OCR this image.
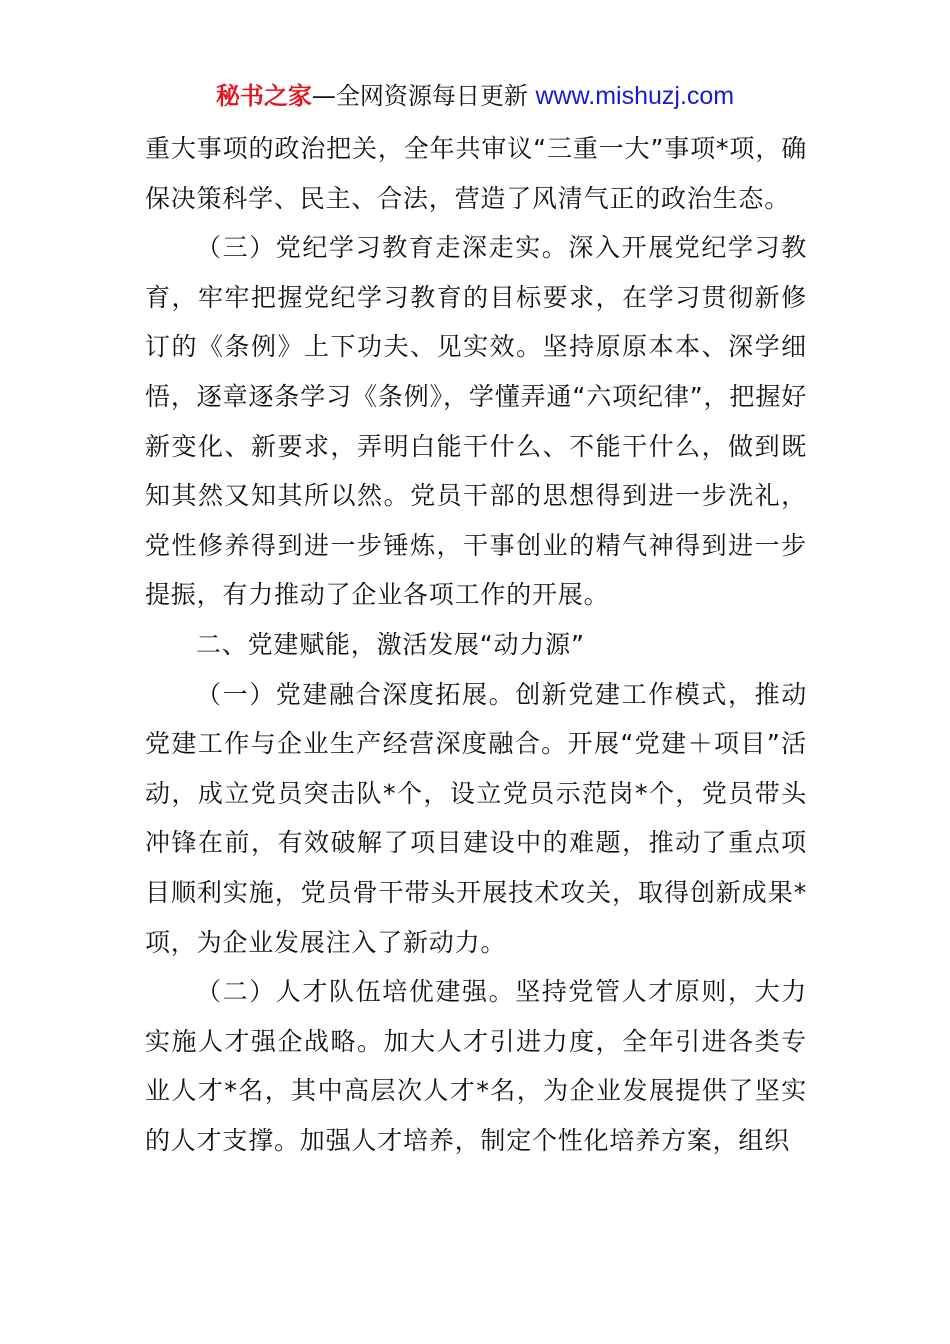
秘书之家—全网资源每日更新 www.mishuzj.com

重大事项的政治把关，全年共审议“三重一大”事项*项，确保决策科学、民主、合法，营造了风清气正的政治生态。

（三）党纪学习教育走深走实。深入开展党纪学习教育，牢牢把握党纪学习教育的目标要求，在学习贯彻新修订的《条例》上下功夫、见实效。坚持原原本本、深学细悟，逐章逐条学习《条例》，学懂弄通“六项纪律”，把握好新变化、新要求，弄明白能干什么、不能干什么，做到既知其然又知其所以然。党员干部的思想得到进一步洗礼，党性修养得到进一步锤炼，干事创业的精气神得到进一步提振，有力推动了企业各项工作的开展。

二、党建赋能，激活发展“动力源”

（一）党建融合深度拓展。创新党建工作模式，推动党建工作与企业生产经营深度融合。开展“党建＋项目”活动，成立党员突击队*个，设立党员示范岗*个，党员带头冲锋在前，有效破解了项目建设中的难题，推动了重点项目顺利实施，党员骨干带头开展技术攻关，取得创新成果*项，为企业发展注入了新动力。

（二）人才队伍培优建强。坚持党管人才原则，大力实施人才强企战略。加大人才引进力度，全年引进各类专业人才*名，其中高层次人才*名，为企业发展提供了坚实的人才支撑。加强人才培养，制定个性化培养方案，组织
